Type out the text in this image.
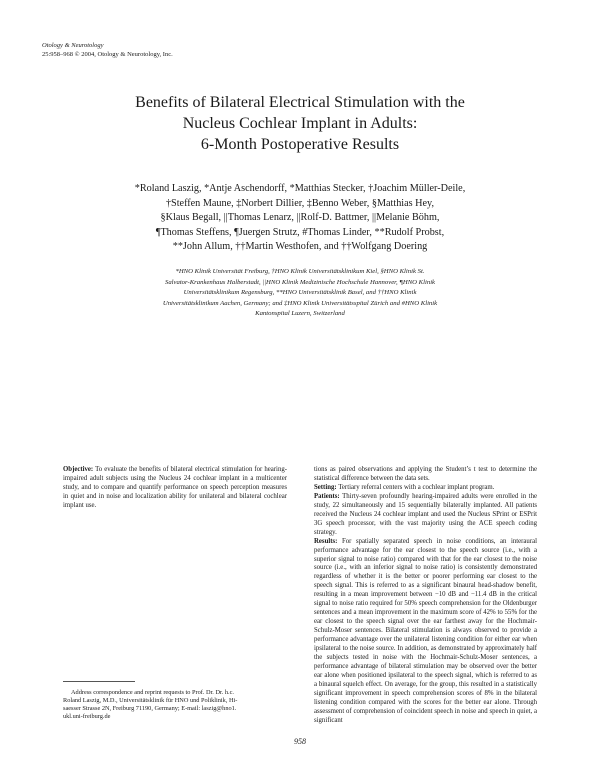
Otology & Neurotology
25:958–968 © 2004, Otology & Neurotology, Inc.
Benefits of Bilateral Electrical Stimulation with the
Nucleus Cochlear Implant in Adults:
6-Month Postoperative Results
*Roland Laszig, *Antje Aschendorff, *Matthias Stecker, †Joachim Müller-Deile,
†Steffen Maune, ‡Norbert Dillier, ‡Benno Weber, §Matthias Hey,
§Klaus Begall, ||Thomas Lenarz, ||Rolf-D. Battmer, ||Melanie Böhm,
¶Thomas Steffens, ¶Juergen Strutz, #Thomas Linder, **Rudolf Probst,
**John Allum, ††Martin Westhofen, and ††Wolfgang Doering
*HNO Klinik Universität Freiburg, †HNO Klinik Universitätsklinikum Kiel, §HNO Klinik St.
Salvator-Krankenhaus Halberstadt, ||HNO Klinik Medizinische Hochschule Hannover, ¶HNO Klinik
Universitätsklinikum Regensburg, **HNO Universitätsklinik Basel, and ††HNO Klinik
Universitätsklinikum Aachen, Germany; and ‡HNO Klinik Universitätsspital Zürich and #HNO Klinik
Kantonspital Luzern, Switzerland

Objective: To evaluate the benefits of bilateral electrical stimulation for hearing-impaired adult subjects using the Nucleus 24 cochlear implant in a multicenter study, and to compare and quantify performance on speech perception measures in quiet and in noise and localization ability for unilateral and bilateral cochlear implant use.

tions as paired observations and applying the Student’s t test to determine the statistical difference between the data sets.

Setting: Tertiary referral centers with a cochlear implant program.

Patients: Thirty-seven profoundly hearing-impaired adults were enrolled in the study, 22 simultaneously and 15 sequentially bilaterally implanted. All patients received the Nucleus 24 cochlear implant and used the Nucleus SPrint or ESPrit 3G speech processor, with the vast majority using the ACE speech coding strategy.

Results: For spatially separated speech in noise conditions, an interaural performance advantage for the ear closest to the speech source (i.e., with a superior signal to noise ratio) compared with that for the ear closest to the noise source (i.e., with an inferior signal to noise ratio) is consistently demonstrated regardless of whether it is the better or poorer performing ear closest to the speech signal. This is referred to as a significant binaural head-shadow benefit, resulting in a mean improvement between −10 dB and −11.4 dB in the critical signal to noise ratio required for 50% speech comprehension for the Oldenburger sentences and a mean improvement in the maximum score of 42% to 55% for the ear closest to the speech signal over the ear farthest away for the Hochmair-Schulz-Moser sentences. Bilateral stimulation is always observed to provide a performance advantage over the unilateral listening condition for either ear when ipsilateral to the noise source. In addition, as demonstrated by approximately half the subjects tested in noise with the Hochmair-Schulz-Moser sentences, a performance advantage of bilateral stimulation may be observed over the better ear alone when positioned ipsilateral to the speech signal, which is referred to as a binaural squelch effect. On average, for the group, this resulted in a statistically significant improvement in speech comprehension scores of 8% in the bilateral listening condition compared with the scores for the better ear alone. Through assessment of comprehension of coincident speech in noise and speech in quiet, a significant

Address correspondence and reprint requests to Prof. Dr. Dr. h.c.
Roland Laszig, M.D., Universitätsklinik für HNO und Poliklinik, Hi-
saesser Strasse 2N, Freiburg 71190, Germany; E-mail: laszig@hno1.
ukl.uni-freiburg.de
958
